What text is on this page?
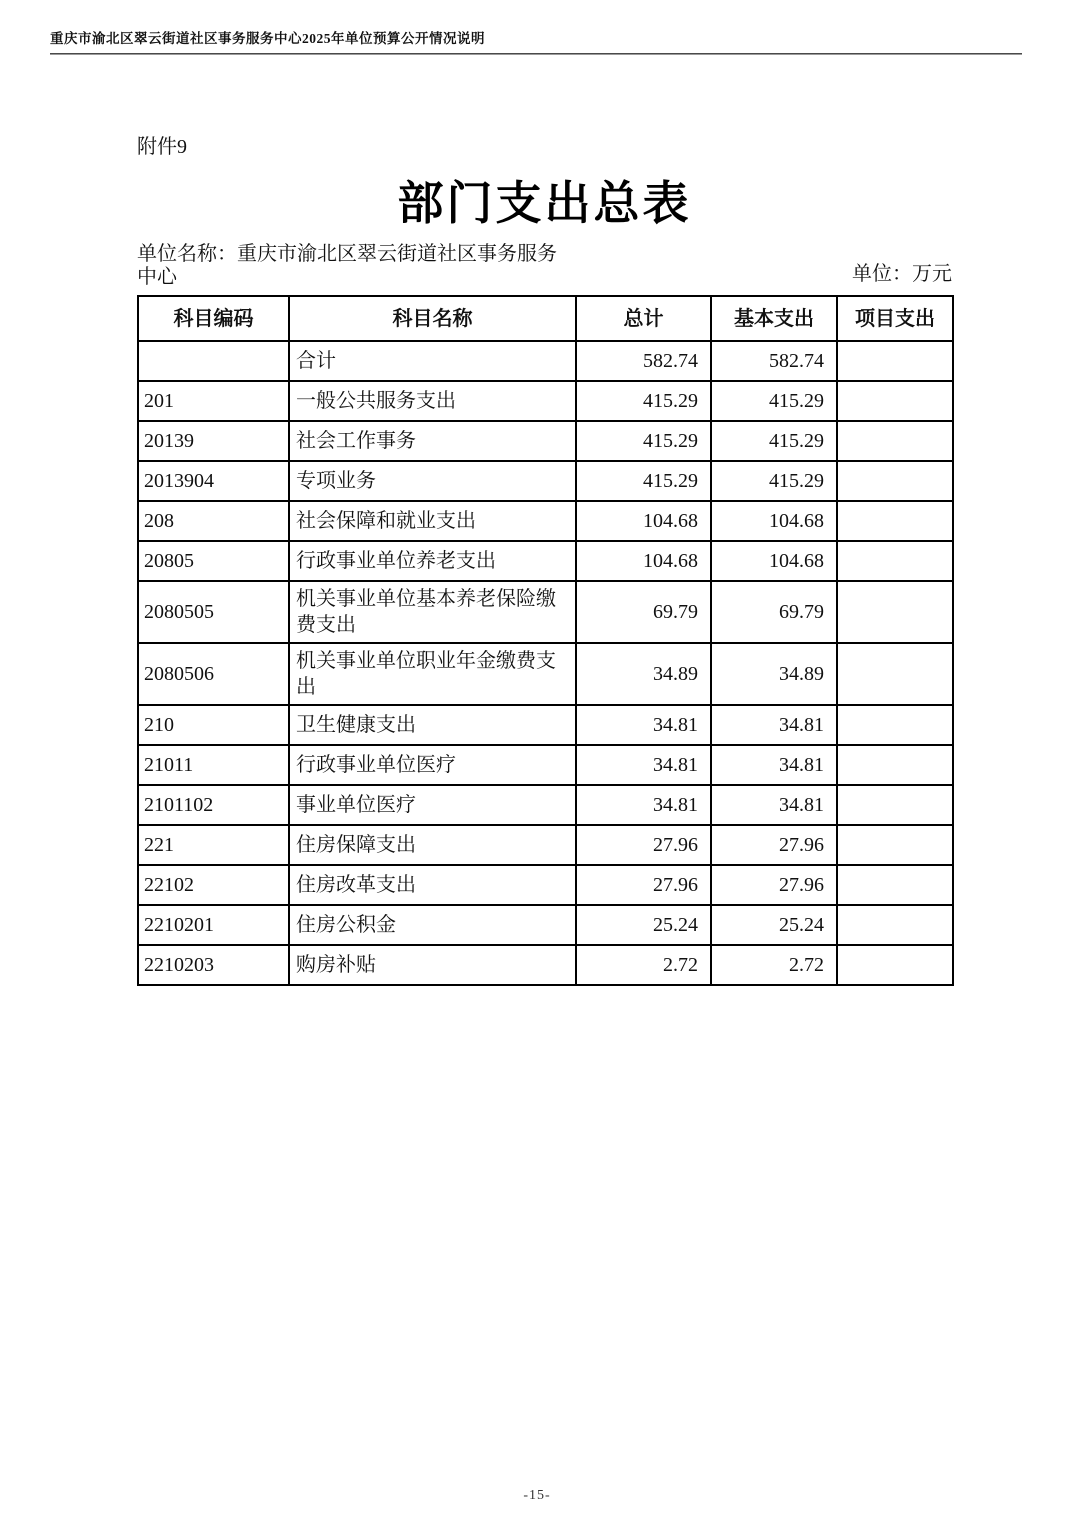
重庆市渝北区翠云街道社区事务服务中心2025年单位预算公开情况说明
附件9
部门支出总表
单位名称：重庆市渝北区翠云街道社区事务服务中心	单位：万元
科目编码	科目名称	总计	基本支出	项目支出
	合计	582.74	582.74	
201	一般公共服务支出	415.29	415.29	
20139	社会工作事务	415.29	415.29	
2013904	专项业务	415.29	415.29	
208	社会保障和就业支出	104.68	104.68	
20805	行政事业单位养老支出	104.68	104.68	
2080505	机关事业单位基本养老保险缴费支出	69.79	69.79	
2080506	机关事业单位职业年金缴费支出	34.89	34.89	
210	卫生健康支出	34.81	34.81	
21011	行政事业单位医疗	34.81	34.81	
2101102	事业单位医疗	34.81	34.81	
221	住房保障支出	27.96	27.96	
22102	住房改革支出	27.96	27.96	
2210201	住房公积金	25.24	25.24	
2210203	购房补贴	2.72	2.72	
-15-
